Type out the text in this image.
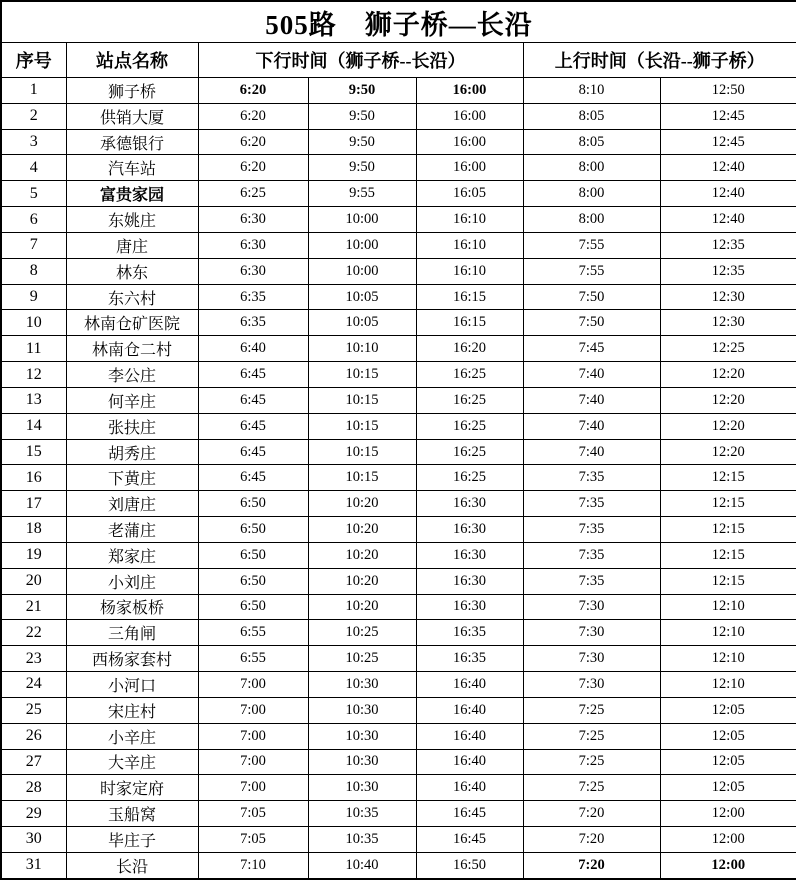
505路　狮子桥—长沿						
序号	站点名称	下行时间（狮子桥--长沿）			上行时间（长沿--狮子桥）	
1	狮子桥	6:20	9:50	16:00	8:10	12:50
2	供销大厦	6:20	9:50	16:00	8:05	12:45
3	承德银行	6:20	9:50	16:00	8:05	12:45
4	汽车站	6:20	9:50	16:00	8:00	12:40
5	富贵家园	6:25	9:55	16:05	8:00	12:40
6	东姚庄	6:30	10:00	16:10	8:00	12:40
7	唐庄	6:30	10:00	16:10	7:55	12:35
8	林东	6:30	10:00	16:10	7:55	12:35
9	东六村	6:35	10:05	16:15	7:50	12:30
10	林南仓矿医院	6:35	10:05	16:15	7:50	12:30
11	林南仓二村	6:40	10:10	16:20	7:45	12:25
12	李公庄	6:45	10:15	16:25	7:40	12:20
13	何辛庄	6:45	10:15	16:25	7:40	12:20
14	张扶庄	6:45	10:15	16:25	7:40	12:20
15	胡秀庄	6:45	10:15	16:25	7:40	12:20
16	下黄庄	6:45	10:15	16:25	7:35	12:15
17	刘唐庄	6:50	10:20	16:30	7:35	12:15
18	老蒲庄	6:50	10:20	16:30	7:35	12:15
19	郑家庄	6:50	10:20	16:30	7:35	12:15
20	小刘庄	6:50	10:20	16:30	7:35	12:15
21	杨家板桥	6:50	10:20	16:30	7:30	12:10
22	三角闸	6:55	10:25	16:35	7:30	12:10
23	西杨家套村	6:55	10:25	16:35	7:30	12:10
24	小河口	7:00	10:30	16:40	7:30	12:10
25	宋庄村	7:00	10:30	16:40	7:25	12:05
26	小辛庄	7:00	10:30	16:40	7:25	12:05
27	大辛庄	7:00	10:30	16:40	7:25	12:05
28	时家定府	7:00	10:30	16:40	7:25	12:05
29	玉船窝	7:05	10:35	16:45	7:20	12:00
30	毕庄子	7:05	10:35	16:45	7:20	12:00
31	长沿	7:10	10:40	16:50	7:20	12:00
